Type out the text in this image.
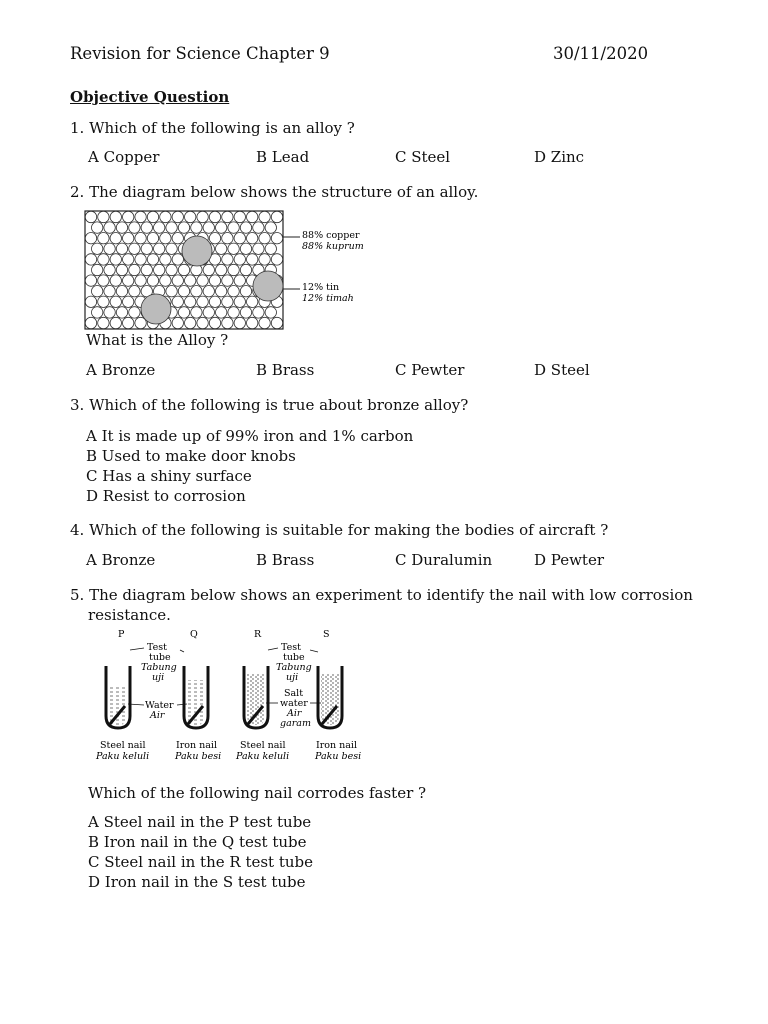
Revision for Science Chapter 9	30/11/2020
Objective Question
1. Which of the following is an alloy ?
A Copper	B Lead	C Steel	D Zinc
2. The diagram below shows the structure of an alloy.
88% copper
88% kuprum
12% tin
12% timah
What is the Alloy ?
A Bronze	B Brass	C Pewter	D Steel
3. Which of the following is true about bronze alloy?
A It is made up of 99% iron and 1% carbon
B Used to make door knobs
C Has a shiny surface
D Resist to corrosion
4. Which of the following is suitable for making the bodies of aircraft ?
A Bronze	B Brass	C Duralumin	D Pewter
5. The diagram below shows an experiment to identify the nail with low corrosion
resistance.
P	Q	R	S
Test
tube
Tabung
uji
Water
Air
Test
tube
Tabung
uji
Salt
water
Air
garam
Steel nail
Paku keluli
Iron nail
Paku besi
Steel nail
Paku keluli
Iron nail
Paku besi
Which of the following nail corrodes faster ?
A Steel nail in the P test tube
B Iron nail in the Q test tube
C Steel nail in the R test tube
D Iron nail in the S test tube
